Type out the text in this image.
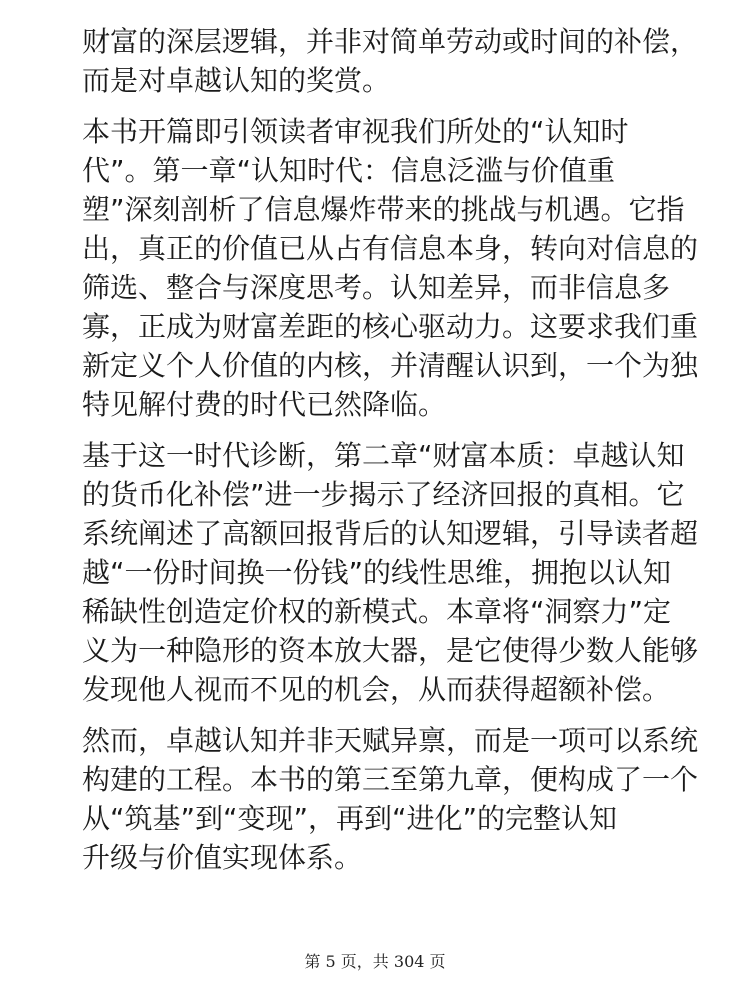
财富的深层逻辑，并非对简单劳动或时间的补偿，
而是对卓越认知的奖赏。

本书开篇即引领读者审视我们所处的“认知时
代”。第一章“认知时代：信息泛滥与价值重
塑”深刻剖析了信息爆炸带来的挑战与机遇。它指
出，真正的价值已从占有信息本身，转向对信息的
筛选、整合与深度思考。认知差异，而非信息多
寡，正成为财富差距的核心驱动力。这要求我们重
新定义个人价值的内核，并清醒认识到，一个为独
特见解付费的时代已然降临。

基于这一时代诊断，第二章“财富本质：卓越认知
的货币化补偿”进一步揭示了经济回报的真相。它
系统阐述了高额回报背后的认知逻辑，引导读者超
越“一份时间换一份钱”的线性思维，拥抱以认知
稀缺性创造定价权的新模式。本章将“洞察力”定
义为一种隐形的资本放大器，是它使得少数人能够
发现他人视而不见的机会，从而获得超额补偿。

然而，卓越认知并非天赋异禀，而是一项可以系统
构建的工程。本书的第三至第九章，便构成了一个
从“筑基”到“变现”，再到“进化”的完整认知
升级与价值实现体系。

第 5 页，共 304 页
